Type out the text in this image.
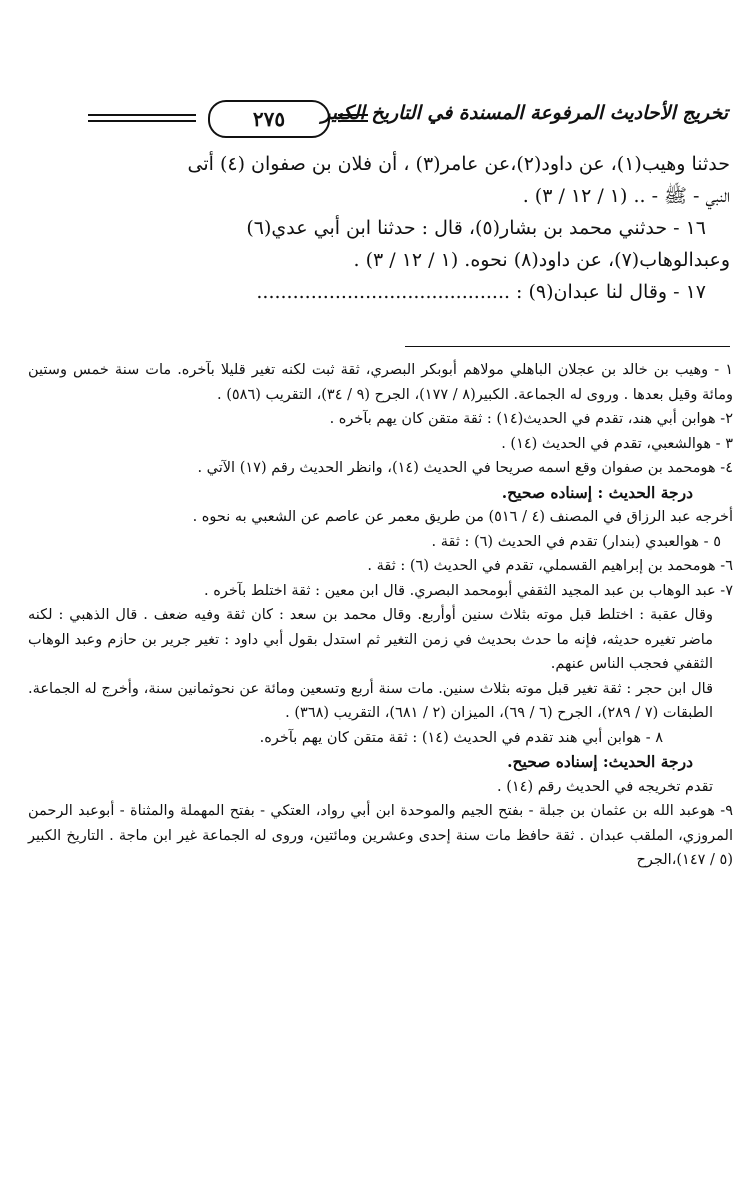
٢٧٥	تخريج الأحاديث المرفوعة المسندة في التاريخ الكبير

حدثنا وهيب(١)، عن داود(٢)،عن عامر(٣) ، أن فلان بن صفوان (٤) أتى

النبي - ﷺ - .. (١ / ١٢ / ٣) .

١٦ - حدثني محمد بن بشار(٥)، قال : حدثنا ابن أبي عدي(٦)

وعبدالوهاب(٧)، عن داود(٨) نحوه. (١ / ١٢ / ٣) .

١٧ - وقال لنا عبدان(٩) : ..........................................

١ - وهيب بن خالد بن عجلان الباهلي مولاهم أبوبكر البصري، ثقة ثبت لكنه تغير قليلا بآخره. مات سنة خمس وستين ومائة وقيل بعدها . وروى له الجماعة. الكبير(٨ / ١٧٧)، الجرح (٩ / ٣٤)، التقريب (٥٨٦) .

٢- هوابن أبي هند، تقدم في الحديث(١٤) : ثقة متقن كان يهم بآخره .

٣ - هوالشعبي، تقدم في الحديث (١٤) .

٤- هومحمد بن صفوان وقع اسمه صريحا في الحديث (١٤)، وانظر الحديث رقم (١٧) الآتي .

درجة الحديث : إسناده صحيح.

أخرجه عبد الرزاق في المصنف (٤ / ٥١٦) من طريق معمر عن عاصم عن الشعبي به نحوه .

٥ - هوالعبدي (بندار) تقدم في الحديث (٦) : ثقة .

٦- هومحمد بن إبراهيم القسملي، تقدم في الحديث (٦) : ثقة .

٧- عبد الوهاب بن عبد المجيد الثقفي أبومحمد البصري. قال ابن معين : ثقة اختلط بآخره .

وقال عقبة : اختلط قبل موته بثلاث سنين أوأربع. وقال محمد بن سعد : كان ثقة وفيه ضعف . قال الذهبي : لكنه ماضر تغيره حديثه، فإنه ما حدث بحديث في زمن التغير ثم استدل بقول أبي داود : تغير جرير بن حازم وعبد الوهاب الثقفي فحجب الناس عنهم.

قال ابن حجر : ثقة تغير قبل موته بثلاث سنين. مات سنة أربع وتسعين ومائة عن نحوثمانين سنة، وأخرج له الجماعة. الطبقات (٧ / ٢٨٩)، الجرح (٦ / ٦٩)، الميزان (٢ / ٦٨١)، التقريب (٣٦٨) .

٨ - هوابن أبي هند تقدم في الحديث (١٤) : ثقة متقن كان يهم بآخره.

درجة الحديث: إسناده صحيح.

تقدم تخريجه في الحديث رقم (١٤) .

٩- هوعبد الله بن عثمان بن جبلة - بفتح الجيم والموحدة ابن أبي رواد، العتكي - بفتح المهملة والمثناة - أبوعبد الرحمن المروزي، الملقب عبدان . ثقة حافظ مات سنة إحدى وعشرين ومائتين، وروى له الجماعة غير ابن ماجة . التاريخ الكبير (٥ / ١٤٧)،الجرح
